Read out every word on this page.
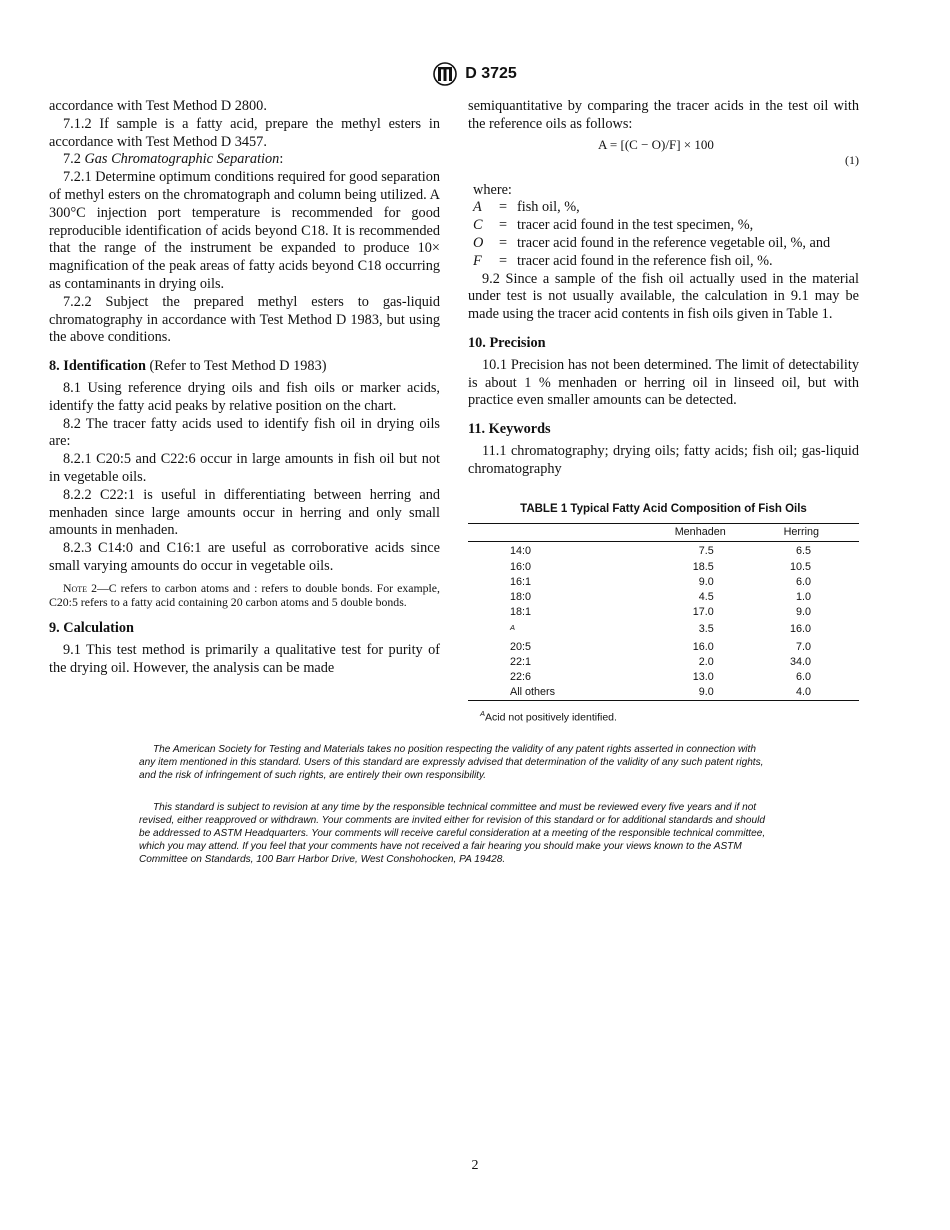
D 3725

accordance with Test Method D 2800.

7.1.2 If sample is a fatty acid, prepare the methyl esters in accordance with Test Method D 3457.

7.2 Gas Chromatographic Separation:

7.2.1 Determine optimum conditions required for good separation of methyl esters on the chromatograph and column being utilized. A 300°C injection port temperature is recommended for good reproducible identification of acids beyond C18. It is recommended that the range of the instrument be expanded to produce 10× magnification of the peak areas of fatty acids beyond C18 occurring as contaminants in drying oils.

7.2.2 Subject the prepared methyl esters to gas-liquid chromatography in accordance with Test Method D 1983, but using the above conditions.

8. Identification (Refer to Test Method D 1983)

8.1 Using reference drying oils and fish oils or marker acids, identify the fatty acid peaks by relative position on the chart.

8.2 The tracer fatty acids used to identify fish oil in drying oils are:

8.2.1 C20:5 and C22:6 occur in large amounts in fish oil but not in vegetable oils.

8.2.2 C22:1 is useful in differentiating between herring and menhaden since large amounts occur in herring and only small amounts in menhaden.

8.2.3 C14:0 and C16:1 are useful as corroborative acids since small varying amounts do occur in vegetable oils.

Note 2—C refers to carbon atoms and : refers to double bonds. For example, C20:5 refers to a fatty acid containing 20 carbon atoms and 5 double bonds.

9. Calculation

9.1 This test method is primarily a qualitative test for purity of the drying oil. However, the analysis can be made

semiquantitative by comparing the tracer acids in the test oil with the reference oils as follows:

A = [(C − O)/F] × 100
(1)
where:
A	= fish oil, %,
C	= tracer acid found in the test specimen, %,
O	= tracer acid found in the reference vegetable oil, %, and
F	= tracer acid found in the reference fish oil, %.

9.2 Since a sample of the fish oil actually used in the material under test is not usually available, the calculation in 9.1 may be made using the tracer acid contents in fish oils given in Table 1.

10. Precision

10.1 Precision has not been determined. The limit of detectability is about 1 % menhaden or herring oil in linseed oil, but with practice even smaller amounts can be detected.

11. Keywords

11.1 chromatography; drying oils; fatty acids; fish oil; gas-liquid chromatography

TABLE 1 Typical Fatty Acid Composition of Fish Oils
	Menhaden	Herring
14:0	7.5	6.5
16:0	18.5	10.5
16:1	9.0	6.0
18:0	4.5	1.0
18:1	17.0	9.0
$^A$	3.5	16.0
20:5	16.0	7.0
22:1	2.0	34.0
22:6	13.0	6.0
All others	9.0	4.0
$^A$Acid not positively identified.

The American Society for Testing and Materials takes no position respecting the validity of any patent rights asserted in connection with any item mentioned in this standard. Users of this standard are expressly advised that determination of the validity of any such patent rights, and the risk of infringement of such rights, are entirely their own responsibility.

This standard is subject to revision at any time by the responsible technical committee and must be reviewed every five years and if not revised, either reapproved or withdrawn. Your comments are invited either for revision of this standard or for additional standards and should be addressed to ASTM Headquarters. Your comments will receive careful consideration at a meeting of the responsible technical committee, which you may attend. If you feel that your comments have not received a fair hearing you should make your views known to the ASTM Committee on Standards, 100 Barr Harbor Drive, West Conshohocken, PA 19428.

2
